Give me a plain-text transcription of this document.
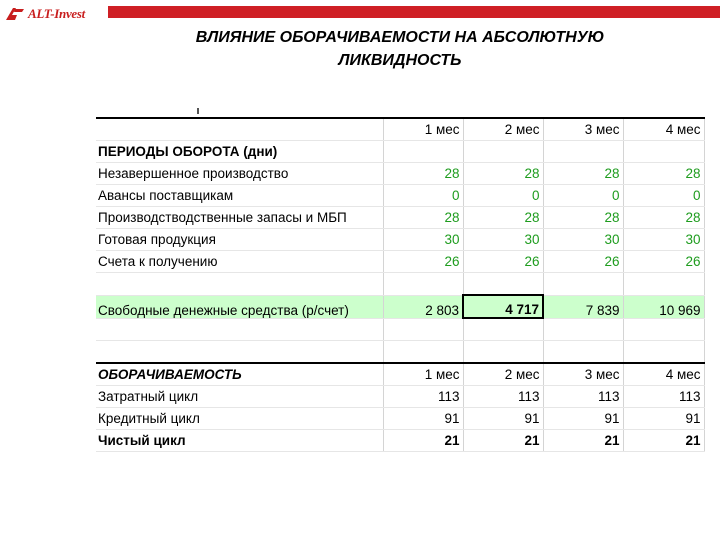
ALT-Invest
ВЛИЯНИЕ ОБОРАЧИВАЕМОСТИ НА АБСОЛЮТНУЮ ЛИКВИДНОСТЬ
	1 мес	2 мес	3 мес	4 мес
ПЕРИОДЫ ОБОРОТА (дни)				
Незавершенное производство	28	28	28	28
Авансы поставщикам	0	0	0	0
Производстводственные запасы и МБП	28	28	28	28
Готовая продукция	30	30	30	30
Счета к получению	26	26	26	26

Свободные денежные средства (р/счет)	2 803	4 717	7 839	10 969

ОБОРАЧИВАЕМОСТЬ	1 мес	2 мес	3 мес	4 мес
Затратный цикл	113	113	113	113
Кредитный цикл	91	91	91	91
Чистый цикл	21	21	21	21
